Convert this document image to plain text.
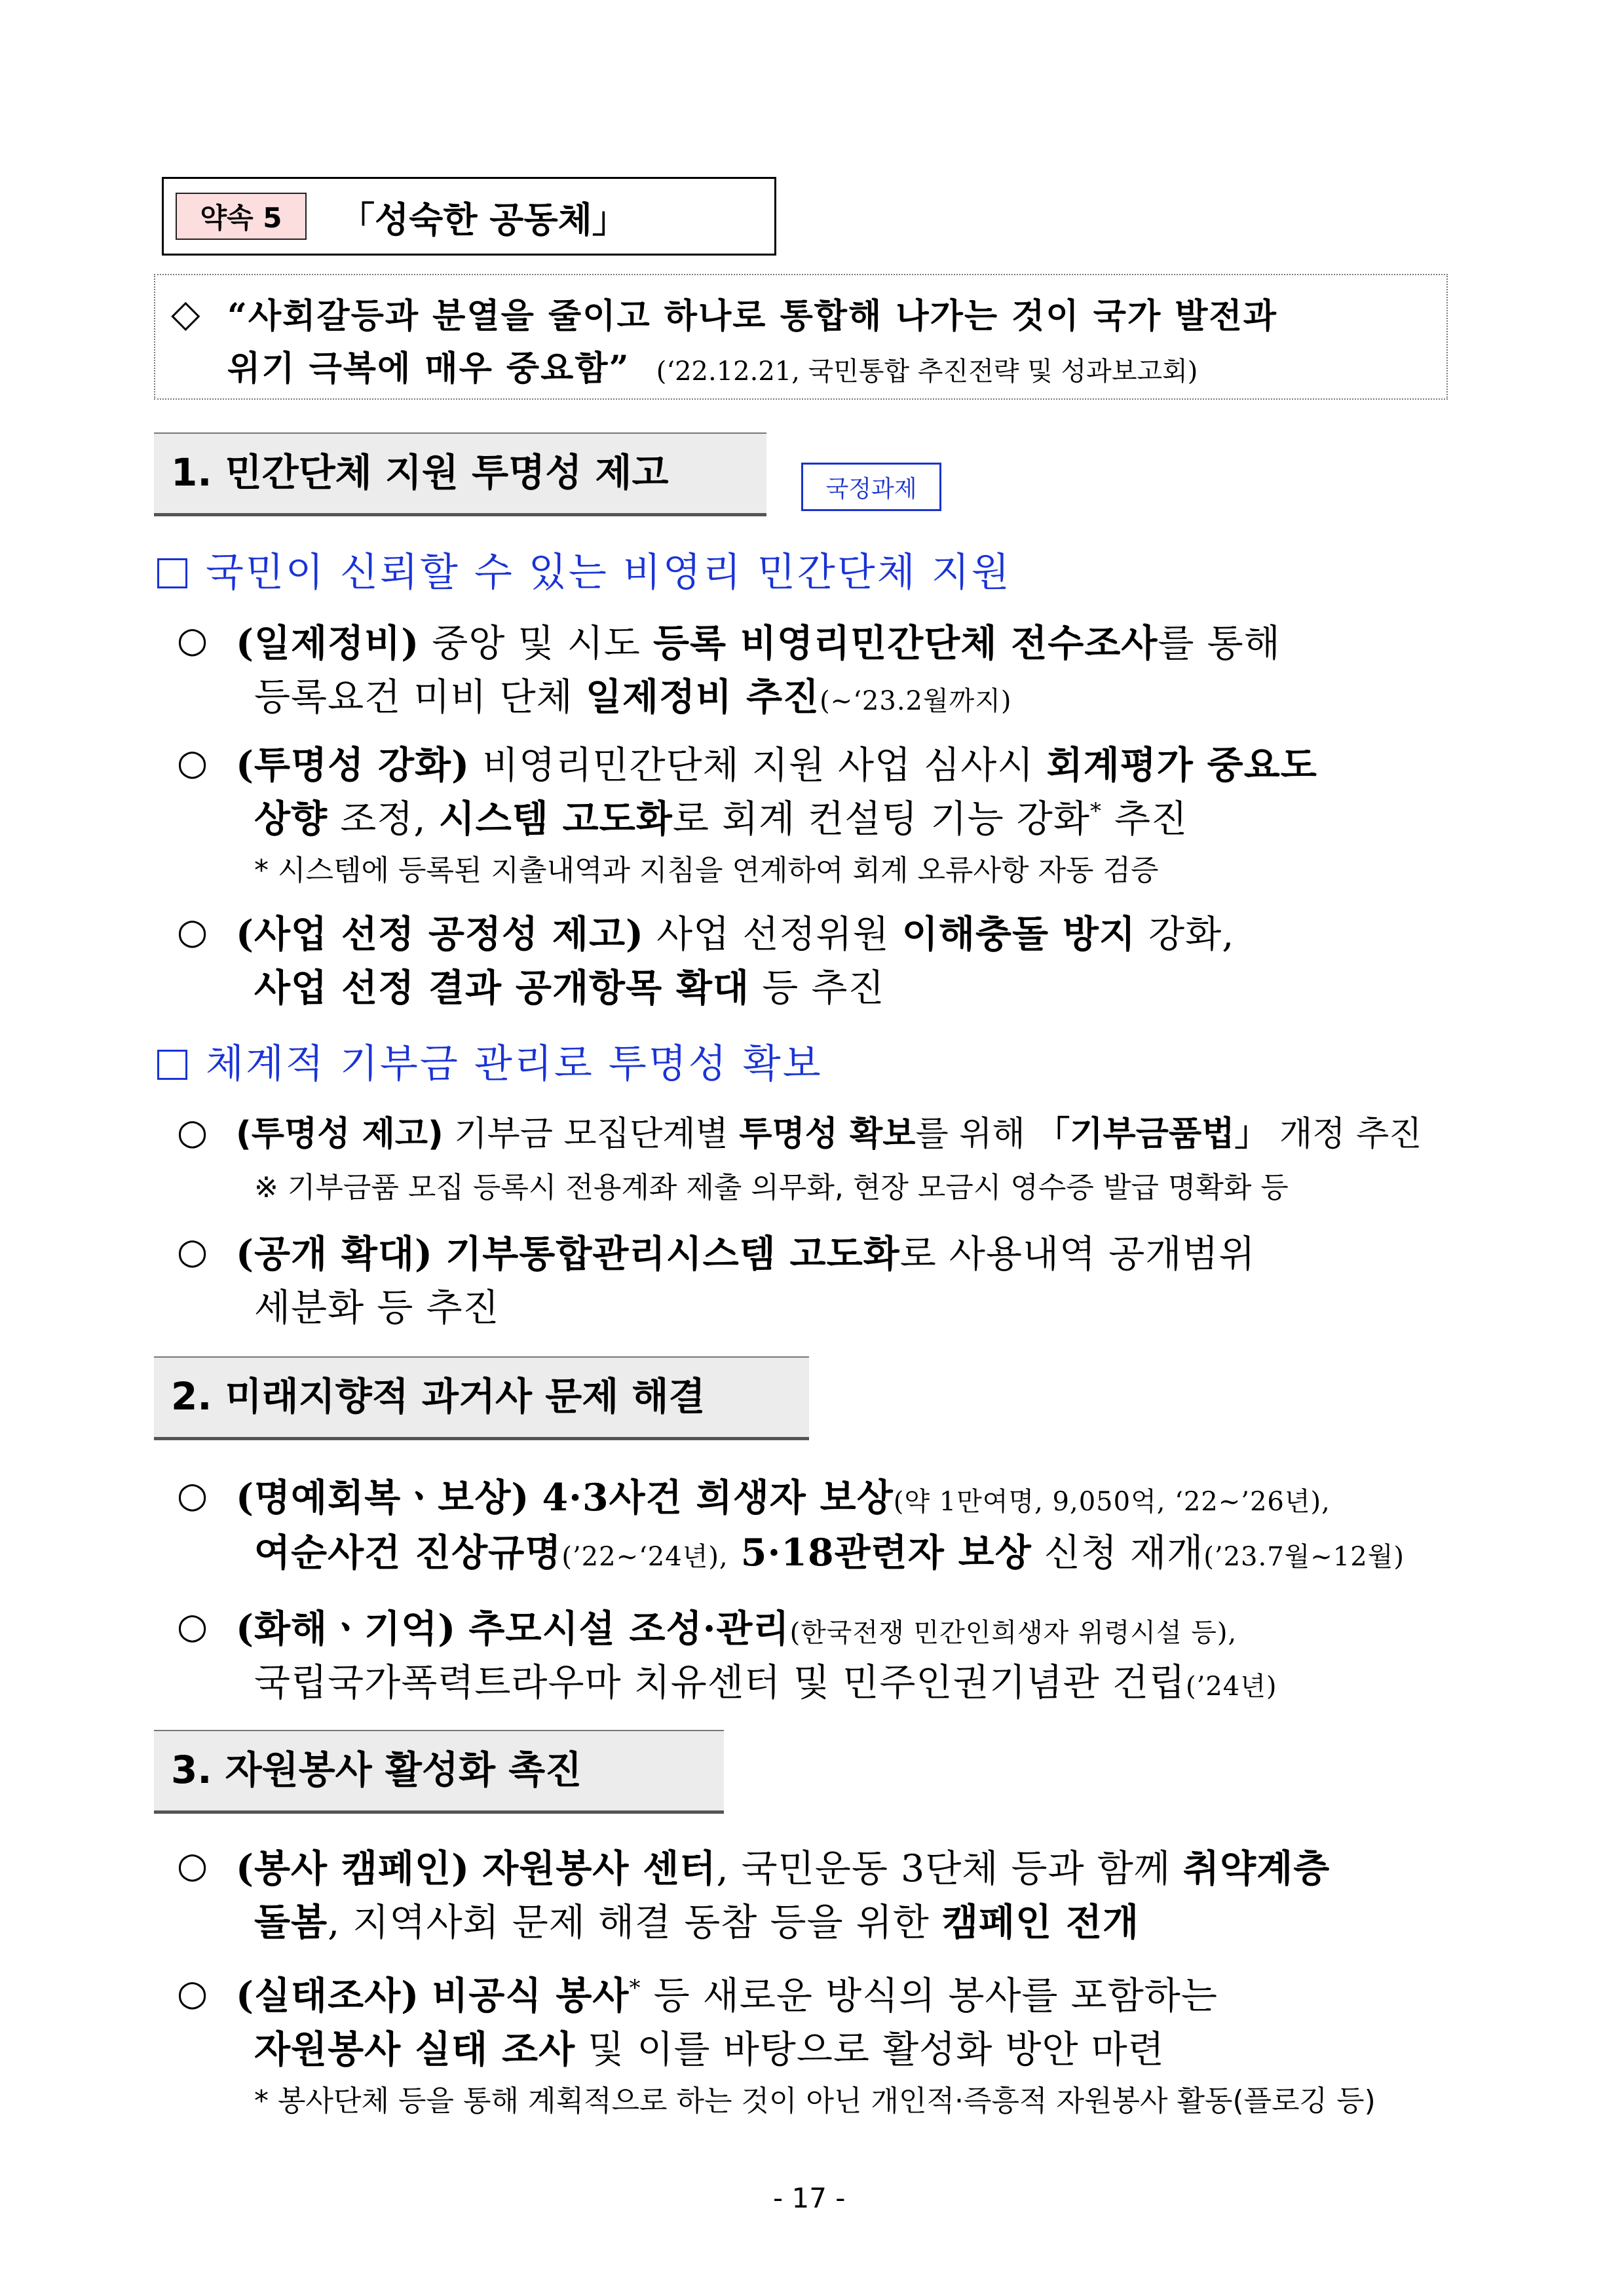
약속 5	「성숙한 공동체」
◇ “사회갈등과 분열을 줄이고 하나로 통합해 나가는 것이 국가 발전과
위기 극복에 매우 중요함” (‘22.12.21, 국민통합 추진전략 및 성과보고회)
1. 민간단체 지원 투명성 제고	국정과제
국민이 신뢰할 수 있는 비영리 민간단체 지원
○ (일제정비) 중앙 및 시도 등록 비영리민간단체 전수조사를 통해
등록요건 미비 단체 일제정비 추진(~‘23.2월까지)
○ (투명성 강화) 비영리민간단체 지원 사업 심사시 회계평가 중요도
상향 조정, 시스템 고도화로 회계 컨설팅 기능 강화* 추진
* 시스템에 등록된 지출내역과 지침을 연계하여 회계 오류사항 자동 검증
○ (사업 선정 공정성 제고) 사업 선정위원 이해충돌 방지 강화,
사업 선정 결과 공개항목 확대 등 추진
체계적 기부금 관리로 투명성 확보
○ (투명성 제고) 기부금 모집단계별 투명성 확보를 위해 「기부금품법」 개정 추진
※ 기부금품 모집 등록시 전용계좌 제출 의무화, 현장 모금시 영수증 발급 명확화 등
○ (공개 확대) 기부통합관리시스템 고도화로 사용내역 공개범위
세분화 등 추진
2. 미래지향적 과거사 문제 해결
○ (명예회복ㆍ보상) 4·3사건 희생자 보상(약 1만여명, 9,050억, ‘22~’26년),
여순사건 진상규명(’22~‘24년), 5·18관련자 보상 신청 재개(’23.7월~12월)
○ (화해ㆍ기억) 추모시설 조성·관리(한국전쟁 민간인희생자 위령시설 등),
국립국가폭력트라우마 치유센터 및 민주인권기념관 건립(’24년)
3. 자원봉사 활성화 촉진
○ (봉사 캠페인) 자원봉사 센터, 국민운동 3단체 등과 함께 취약계층
돌봄, 지역사회 문제 해결 동참 등을 위한 캠페인 전개
○ (실태조사) 비공식 봉사* 등 새로운 방식의 봉사를 포함하는
자원봉사 실태 조사 및 이를 바탕으로 활성화 방안 마련
* 봉사단체 등을 통해 계획적으로 하는 것이 아닌 개인적·즉흥적 자원봉사 활동(플로깅 등)
- 17 -
